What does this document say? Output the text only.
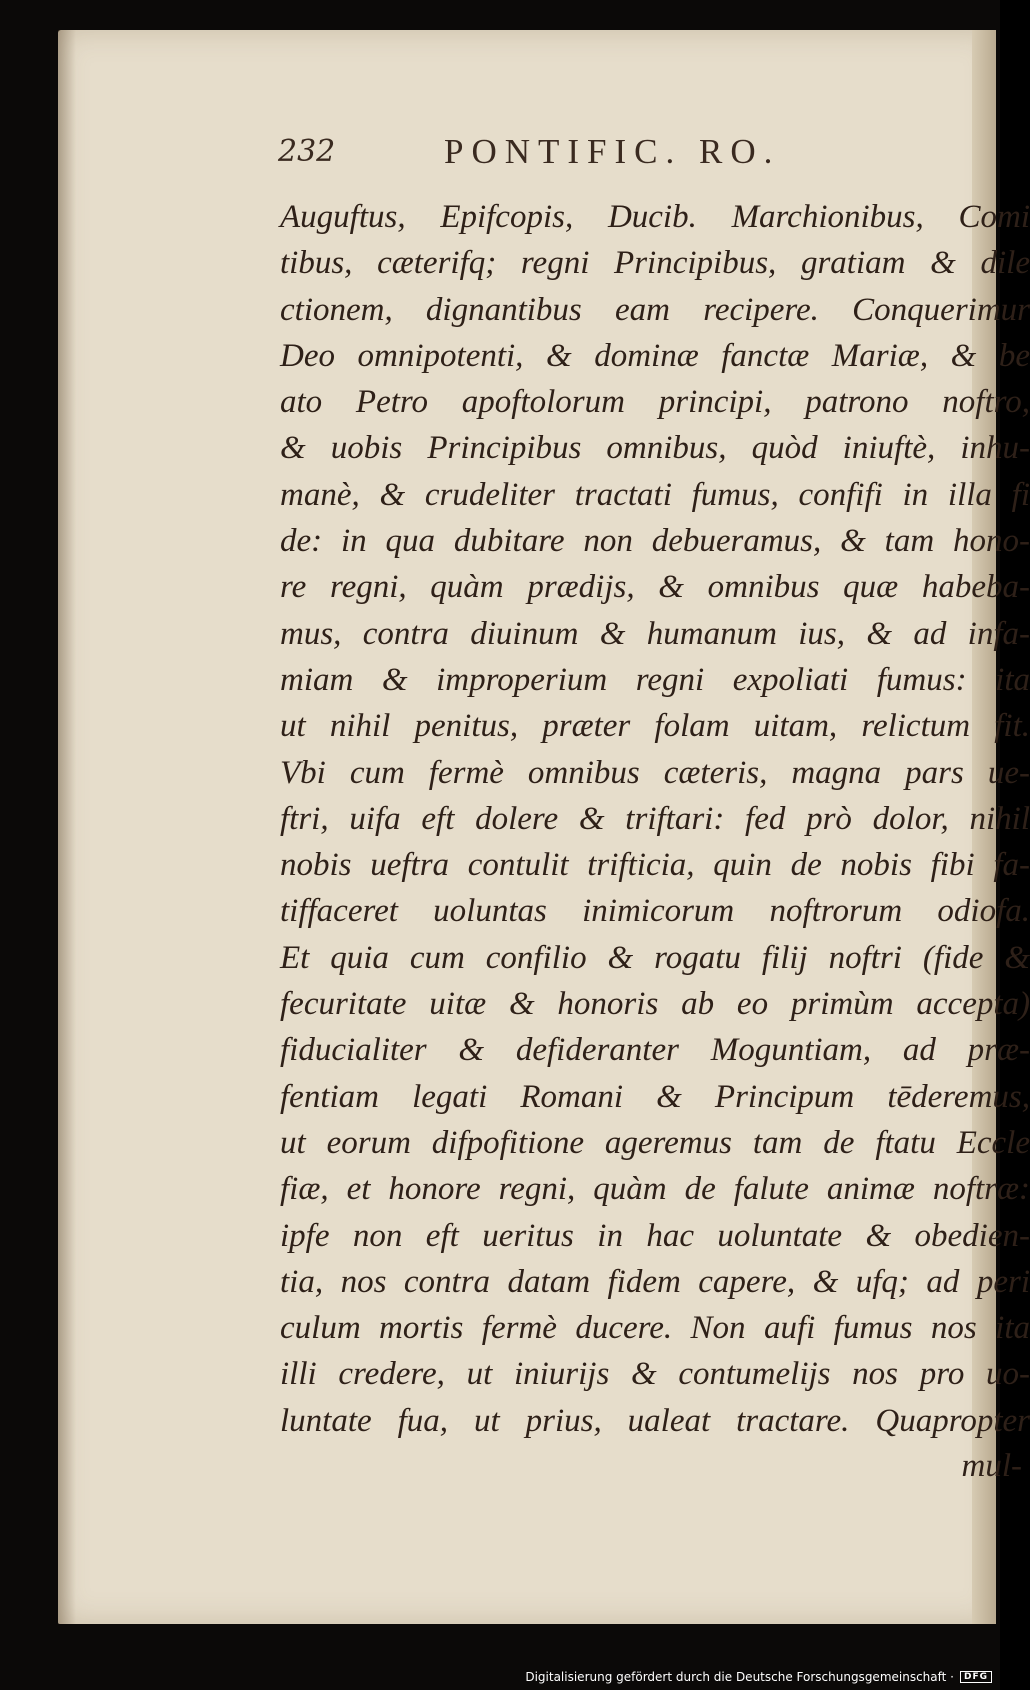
232	PONTIFIC. RO.
Auguftus, Epifcopis, Ducib. Marchionibus, Comi
tibus, cæterifq; regni Principibus, gratiam & dile
ctionem, dignantibus eam recipere. Conquerimur
Deo omnipotenti, & dominæ fanctæ Mariæ, & be
ato Petro apoftolorum principi, patrono noftro,
& uobis Principibus omnibus, quòd iniuftè, inhu-
manè, & crudeliter tractati fumus, confifi in illa fi
de: in qua dubitare non debueramus, & tam hono-
re regni, quàm prædijs, & omnibus quæ habeba-
mus, contra diuinum & humanum ius, & ad infa-
miam & improperium regni expoliati fumus: ita
ut nihil penitus, præter folam uitam, relictum fit.
Vbi cum fermè omnibus cæteris, magna pars ue-
ftri, uifa eft dolere & triftari: fed prò dolor, nihil
nobis ueftra contulit trifticia, quin de nobis fibi fa-
tiffaceret uoluntas inimicorum noftrorum odiofa.
Et quia cum confilio & rogatu filij noftri (fide &
fecuritate uitæ & honoris ab eo primùm accepta)
fiducialiter & defideranter Moguntiam, ad præ-
fentiam legati Romani & Principum tēderemus,
ut eorum difpofitione ageremus tam de ftatu Eccle
fiæ, et honore regni, quàm de falute animæ noftræ:
ipfe non eft ueritus in hac uoluntate & obedien-
tia, nos contra datam fidem capere, & ufq; ad peri
culum mortis fermè ducere. Non aufi fumus nos ita
illi credere, ut iniurijs & contumelijs nos pro uo-
luntate fua, ut prius, ualeat tractare. Quapropter
mul-
Digitalisierung gefördert durch die Deutsche Forschungsgemeinschaft ·	DFG
